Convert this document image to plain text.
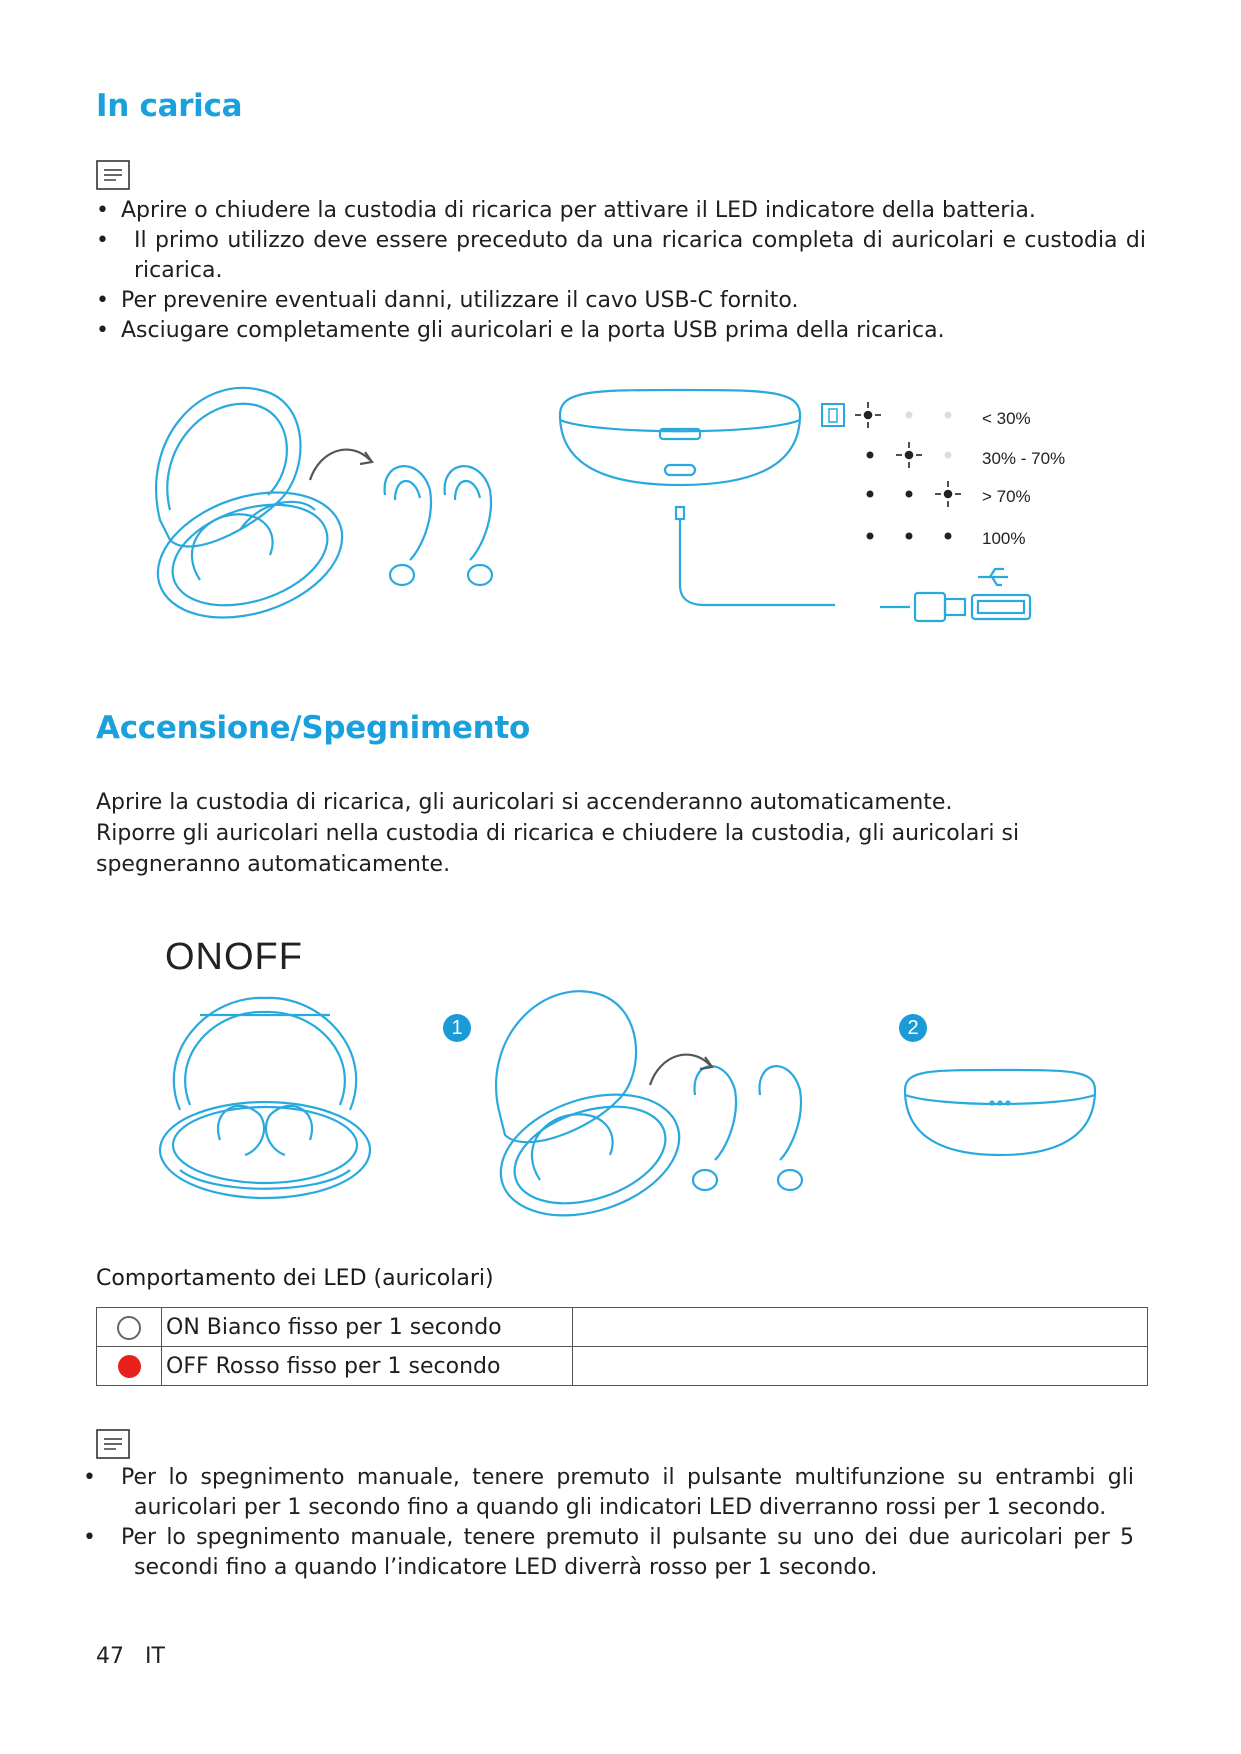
In carica
• Aprire o chiudere la custodia di ricarica per attivare il LED indicatore della batteria.
• Il primo utilizzo deve essere preceduto da una ricarica completa di auricolari e custodia di ricarica.
• Per prevenire eventuali danni, utilizzare il cavo USB-C fornito.
• Asciugare completamente gli auricolari e la porta USB prima della ricarica.
< 30%
30% - 70%
> 70%
100%
Accensione/Spegnimento
Aprire la custodia di ricarica, gli auricolari si accenderanno automaticamente.
Riporre gli auricolari nella custodia di ricarica e chiudere la custodia, gli auricolari si
spegneranno automaticamente.
ONOFF
1	2
Comportamento dei LED (auricolari)
	ON Bianco fisso per 1 secondo	
	OFF Rosso fisso per 1 secondo	
• Per lo spegnimento manuale, tenere premuto il pulsante multifunzione su entrambi gli auricolari per 1 secondo fino a quando gli indicatori LED diverranno rossi per 1 secondo.
• Per lo spegnimento manuale, tenere premuto il pulsante su uno dei due auricolari per 5 secondi fino a quando l’indicatore LED diverrà rosso per 1 secondo.
47 IT
